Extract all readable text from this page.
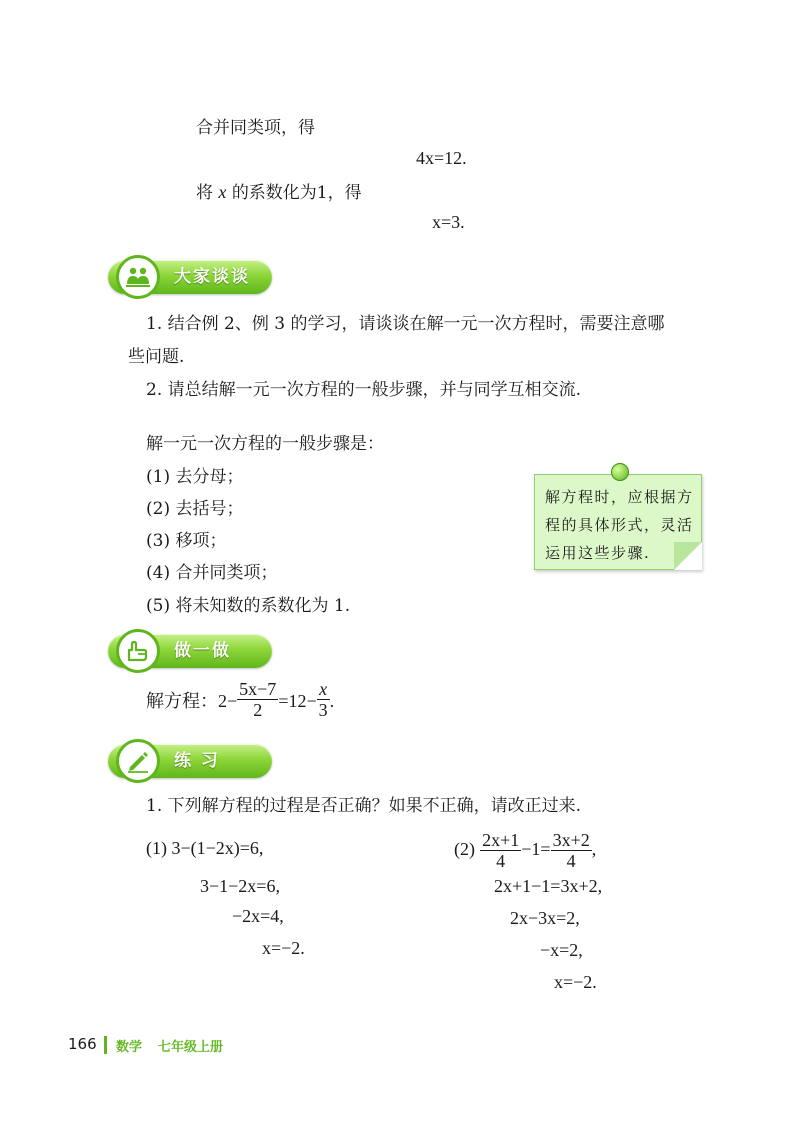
合并同类项，得
4x=12.
将 x 的系数化为1，得
x=3.
大家谈谈
1. 结合例 2、例 3 的学习，请谈谈在解一元一次方程时，需要注意哪
些问题.
2. 请总结解一元一次方程的一般步骤，并与同学互相交流.
解一元一次方程的一般步骤是：
(1) 去分母；
(2) 去括号；
(3) 移项；
(4) 合并同类项；
(5) 将未知数的系数化为 1.
解方程时，应根据方程的具体形式，灵活运用这些步骤.
做一做
解方程：$2- \frac{5x-7}{2} =12- \frac{x}{3}$ .
练 习
1. 下列解方程的过程是否正确？如果不正确，请改正过来.
(1) 3−(1−2x)=6,
3−1−2x=6,
−2x=4,
x=−2.
$(2) \frac{2x+1}{4} -1= \frac{3x+2}{4}$ ,
2x+1−1=3x+2,
2x−3x=2,
−x=2,
x=−2.
166 数学 七年级上册
